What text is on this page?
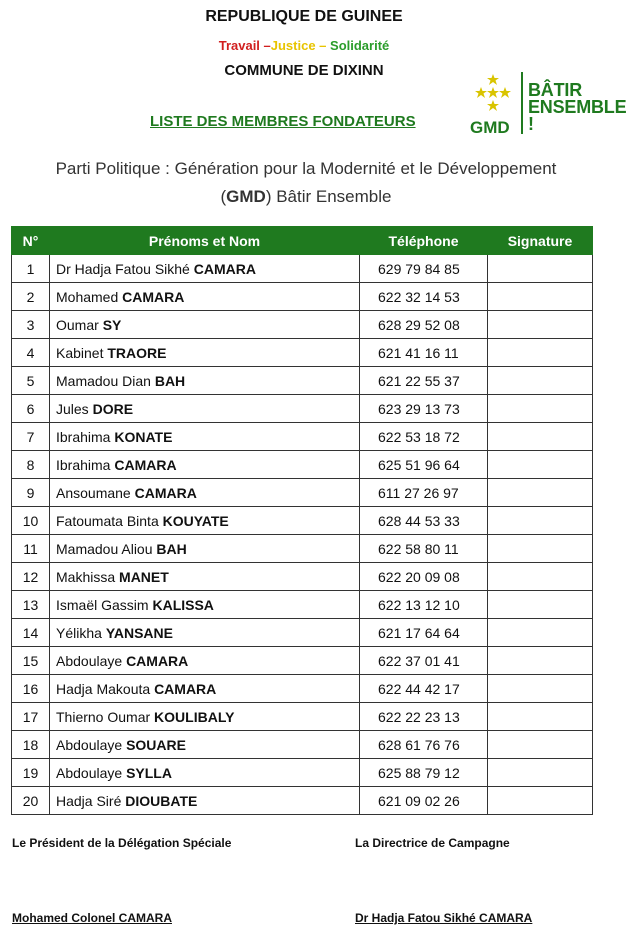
REPUBLIQUE DE GUINEE
Travail –Justice – Solidarité
COMMUNE DE DIXINN
LISTE DES MEMBRES FONDATEURS	GMD
BÂTIR
ENSEMBLE !
Parti Politique : Génération pour la Modernité et le Développement
(GMD) Bâtir Ensemble
N°	Prénoms et Nom	Téléphone	Signature
1	Dr Hadja Fatou Sikhé CAMARA	629 79 84 85	
2	Mohamed CAMARA	622 32 14 53	
3	Oumar SY	628 29 52 08	
4	Kabinet TRAORE	621 41 16 11	
5	Mamadou Dian BAH	621 22 55 37	
6	Jules DORE	623 29 13 73	
7	Ibrahima KONATE	622 53 18 72	
8	Ibrahima CAMARA	625 51 96 64	
9	Ansoumane CAMARA	611 27 26 97	
10	Fatoumata Binta KOUYATE	628 44 53 33	
11	Mamadou Aliou BAH	622 58 80 11	
12	Makhissa MANET	622 20 09 08	
13	Ismaël Gassim KALISSA	622 13 12 10	
14	Yélikha YANSANE	621 17 64 64	
15	Abdoulaye CAMARA	622 37 01 41	
16	Hadja Makouta CAMARA	622 44 42 17	
17	Thierno Oumar KOULIBALY	622 22 23 13	
18	Abdoulaye SOUARE	628 61 76 76	
19	Abdoulaye SYLLA	625 88 79 12	
20	Hadja Siré DIOUBATE	621 09 02 26	
Le Président de la Délégation Spéciale	La Directrice de Campagne
Mohamed Colonel CAMARA	Dr Hadja Fatou Sikhé CAMARA
